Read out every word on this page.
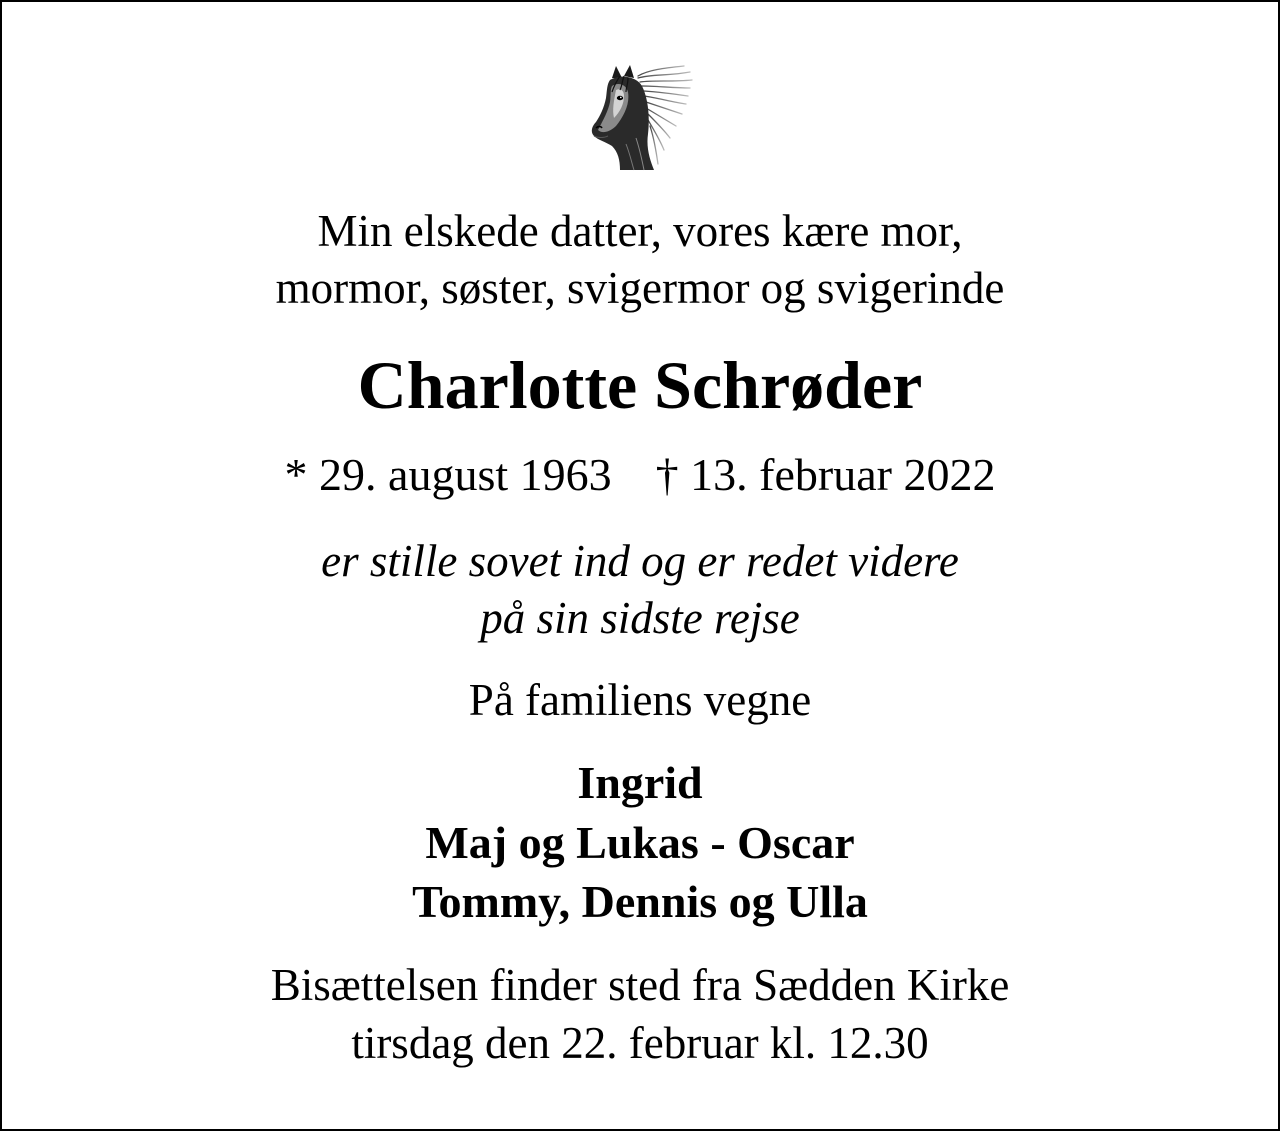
Min elskede datter, vores kære mor,
mormor, søster, svigermor og svigerinde
Charlotte Schrøder
* 29. august 1963 † 13. februar 2022
er stille sovet ind og er redet videre
på sin sidste rejse
På familiens vegne
Ingrid
Maj og Lukas - Oscar
Tommy, Dennis og Ulla
Bisættelsen finder sted fra Sædden Kirke
tirsdag den 22. februar kl. 12.30
